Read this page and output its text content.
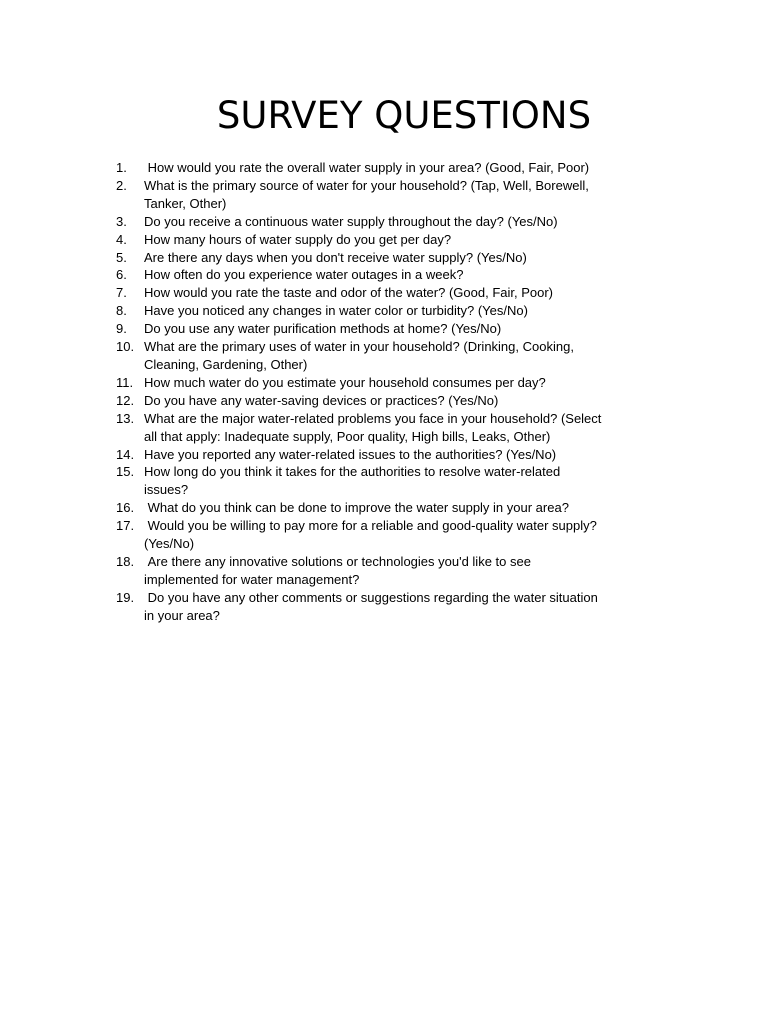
SURVEY QUESTIONS
1.	How would you rate the overall water supply in your area? (Good, Fair, Poor)
2.	What is the primary source of water for your household? (Tap, Well, Borewell,
Tanker, Other)
3.	Do you receive a continuous water supply throughout the day? (Yes/No)
4.	How many hours of water supply do you get per day?
5.	Are there any days when you don't receive water supply? (Yes/No)
6.	How often do you experience water outages in a week?
7.	How would you rate the taste and odor of the water? (Good, Fair, Poor)
8.	Have you noticed any changes in water color or turbidity? (Yes/No)
9.	Do you use any water purification methods at home? (Yes/No)
10. What are the primary uses of water in your household? (Drinking, Cooking,
Cleaning, Gardening, Other)
11. How much water do you estimate your household consumes per day?
12. Do you have any water-saving devices or practices? (Yes/No)
13. What are the major water-related problems you face in your household? (Select
all that apply: Inadequate supply, Poor quality, High bills, Leaks, Other)
14. Have you reported any water-related issues to the authorities? (Yes/No)
15. How long do you think it takes for the authorities to resolve water-related
issues?
16. What do you think can be done to improve the water supply in your area?
17.	Would you be willing to pay more for a reliable and good-quality water supply?
(Yes/No)
18.	Are there any innovative solutions or technologies you'd like to see
implemented for water management?
19.	Do you have any other comments or suggestions regarding the water situation
in your area?
